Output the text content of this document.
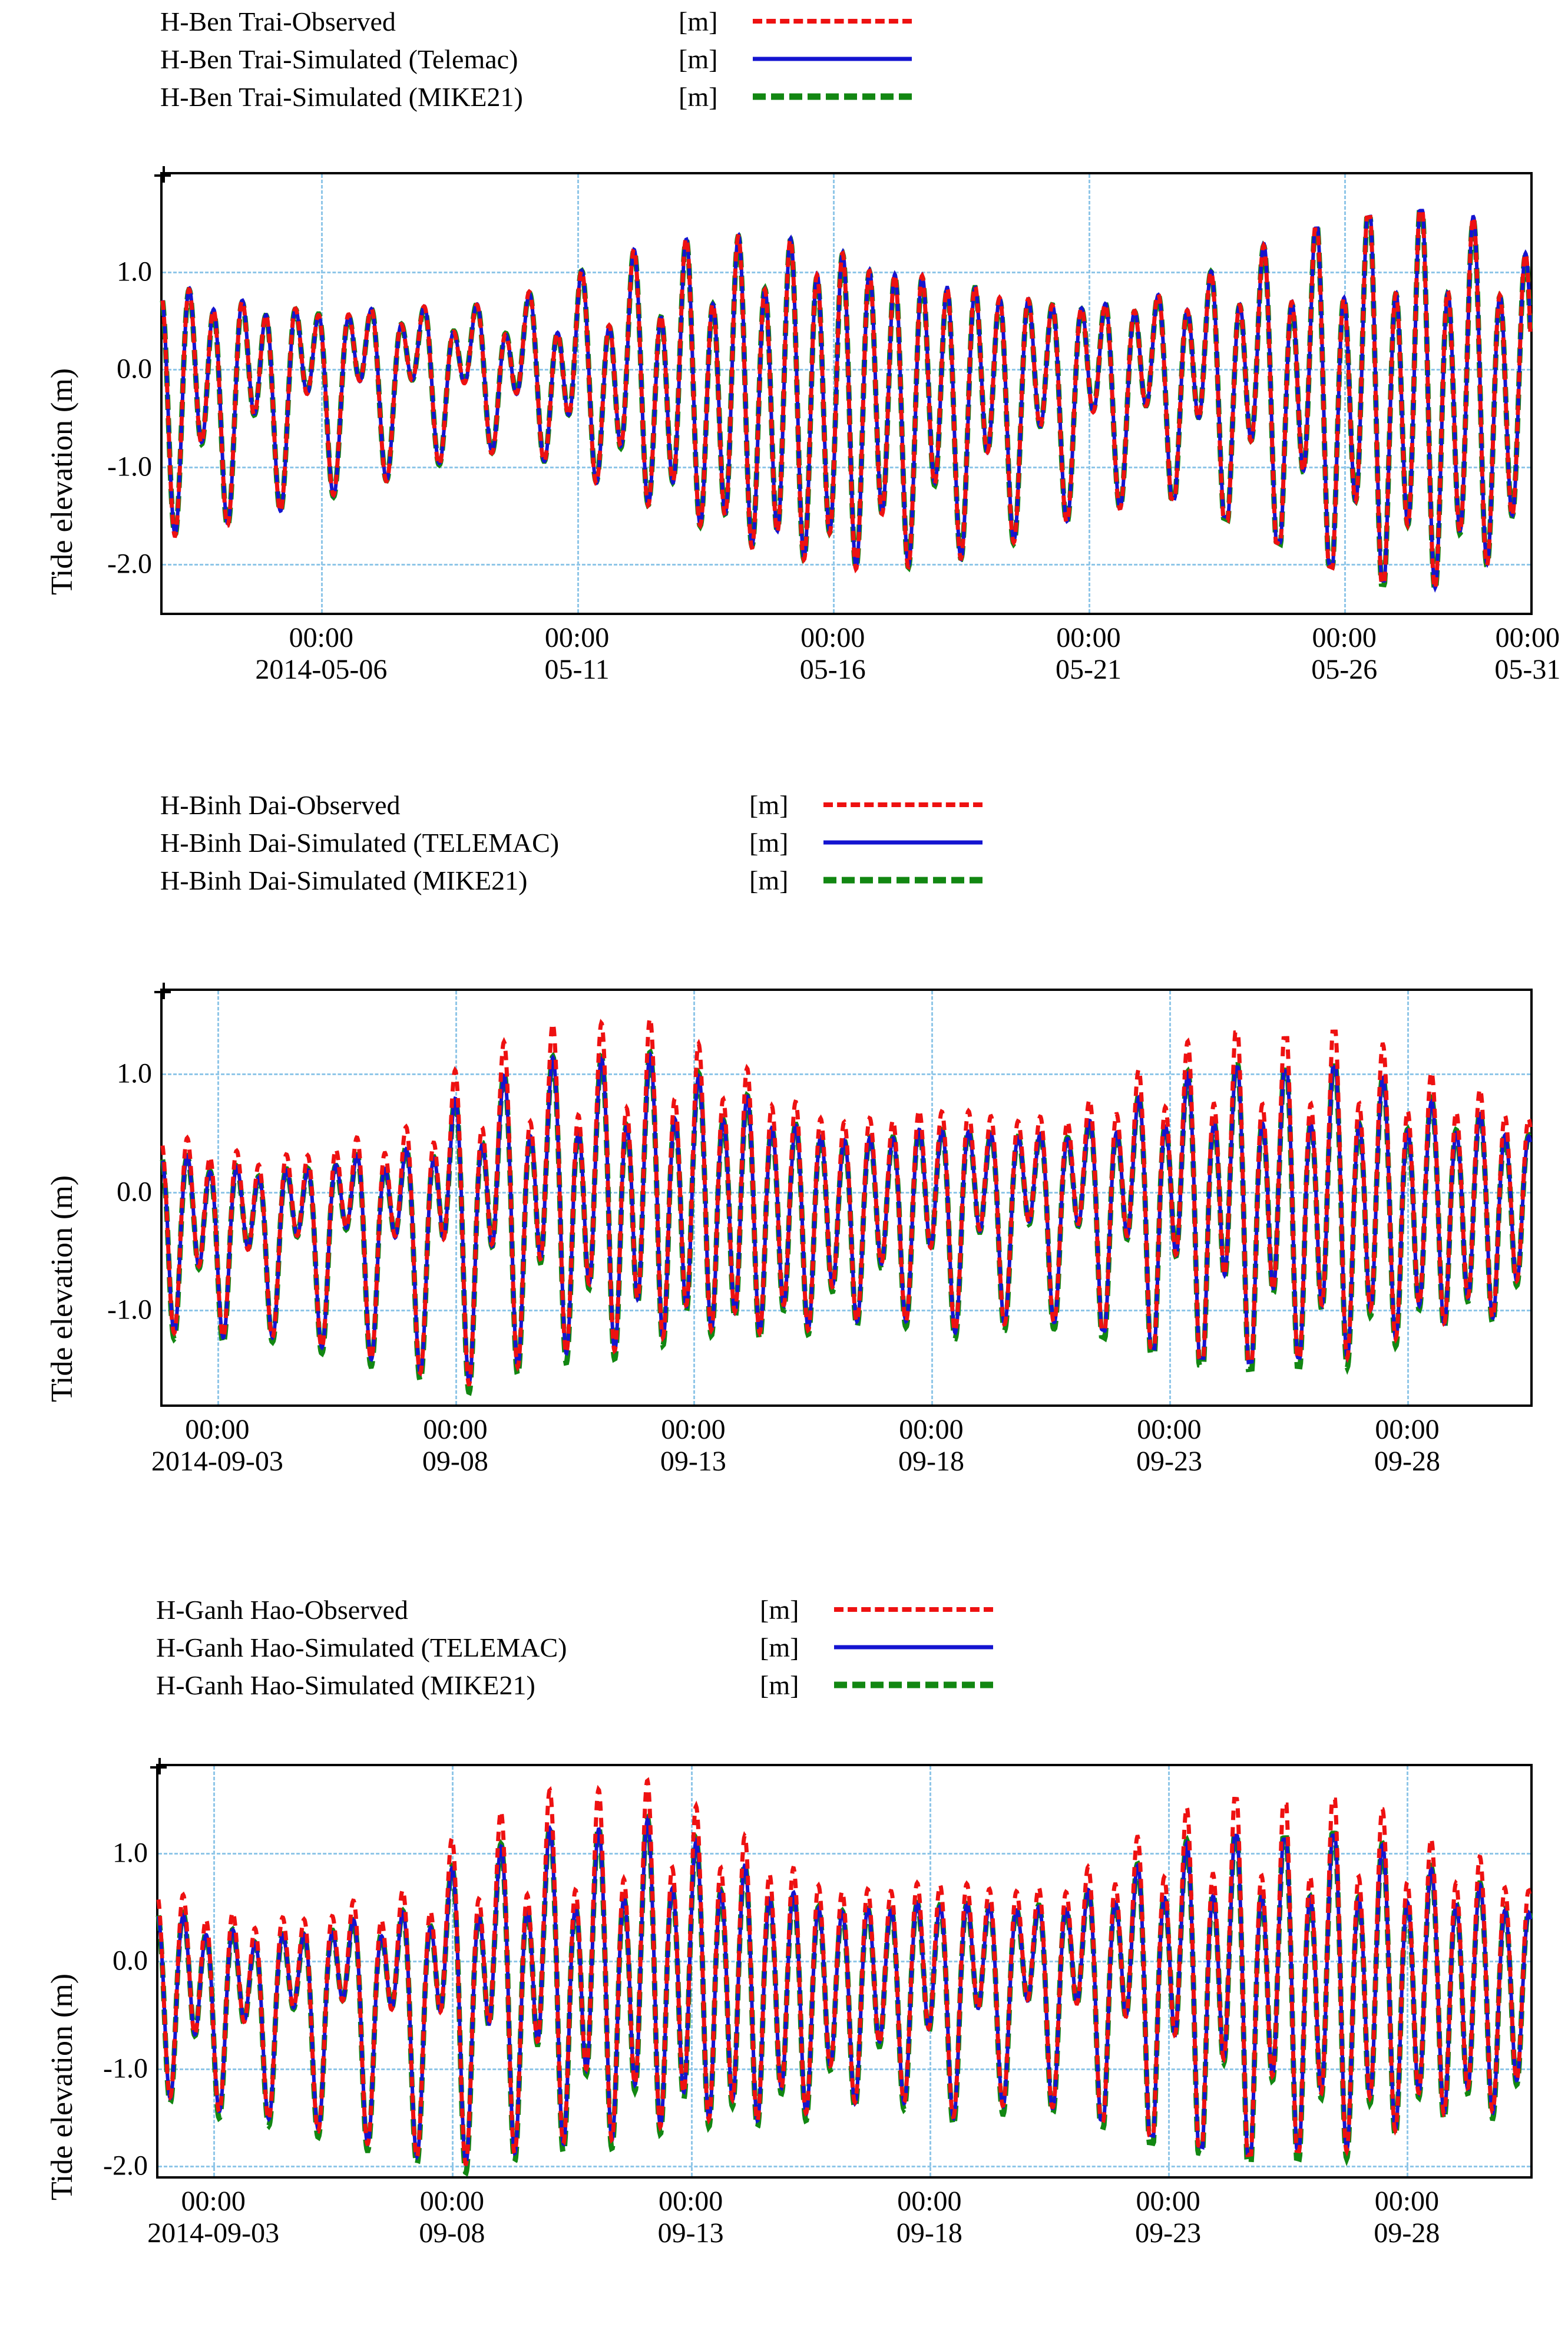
H-Ben Trai-Observed	[m]
H-Ben Trai-Simulated (Telemac)	[m]
H-Ben Trai-Simulated (MIKE21)	[m]
Tide elevation (m)
1.0
0.0
-1.0
-2.0
00:00
2014-05-06
00:00
05-11
00:00
05-16
00:00
05-21
00:00
05-26
00:00
05-31
H-Binh Dai-Observed	[m]
H-Binh Dai-Simulated (TELEMAC)	[m]
H-Binh Dai-Simulated (MIKE21)	[m]
Tide elevation (m)
1.0
0.0
-1.0
00:00
2014-09-03
00:00
09-08
00:00
09-13
00:00
09-18
00:00
09-23
00:00
09-28
H-Ganh Hao-Observed	[m]
H-Ganh Hao-Simulated (TELEMAC)	[m]
H-Ganh Hao-Simulated (MIKE21)	[m]
Tide elevation (m)
1.0
0.0
-1.0
-2.0
00:00
2014-09-03
00:00
09-08
00:00
09-13
00:00
09-18
00:00
09-23
00:00
09-28
